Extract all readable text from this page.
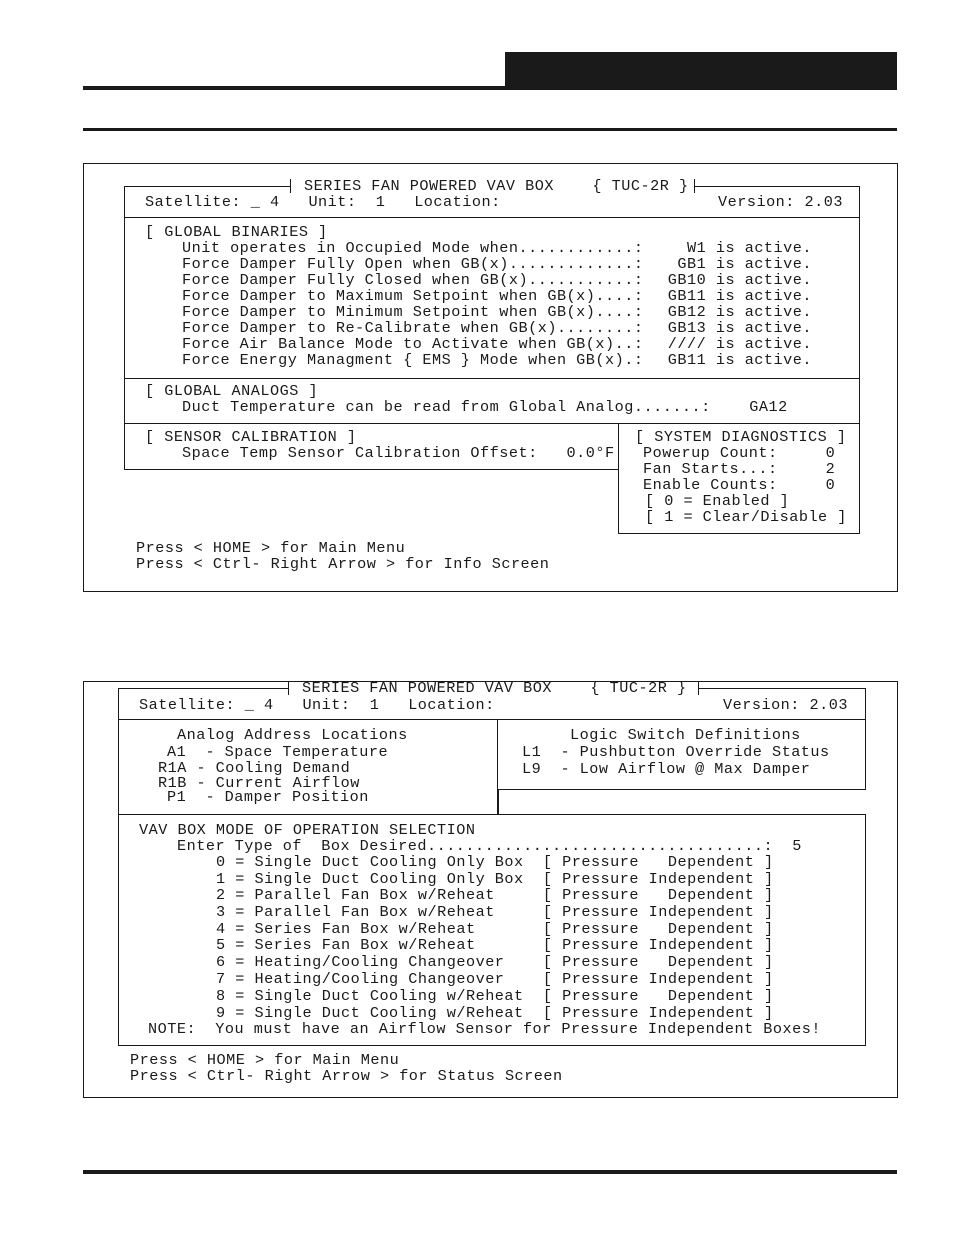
SERIES FAN POWERED VAV BOX    { TUC-2R }
Satellite: _ 4   Unit:  1   Location:	Version: 2.03
[ GLOBAL BINARIES ]
Unit operates in Occupied Mode when............:	W1 is active.
Force Damper Fully Open when GB(x).............: GB1 is active.
Force Damper Fully Closed when GB(x)...........: GB10 is active.
Force Damper to Maximum Setpoint when GB(x)....: GB11 is active.
Force Damper to Minimum Setpoint when GB(x)....: GB12 is active.
Force Damper to Re-Calibrate when GB(x)........: GB13 is active.
Force Air Balance Mode to Activate when GB(x)..: //// is active.
Force Energy Managment { EMS } Mode when GB(x).: GB11 is active.
[ GLOBAL ANALOGS ]
Duct Temperature can be read from Global Analog.......:    GA12
[ SENSOR CALIBRATION ]
Space Temp Sensor Calibration Offset:   0.0°F
[ SYSTEM DIAGNOSTICS ]
Powerup Count:     0
Fan Starts...:     2
Enable Counts:     0
[ 0 = Enabled ]
[ 1 = Clear/Disable ]
Press < HOME > for Main Menu
Press < Ctrl- Right Arrow > for Info Screen
SERIES FAN POWERED VAV BOX    { TUC-2R }
Satellite: _ 4   Unit:  1   Location:	Version: 2.03
Analog Address Locations
A1  - Space Temperature
R1A - Cooling Demand
R1B - Current Airflow
P1  - Damper Position
Logic Switch Definitions
L1  - Pushbutton Override Status
L9  - Low Airflow @ Max Damper
VAV BOX MODE OF OPERATION SELECTION
Enter Type of  Box Desired...................................:  5
0 = Single Duct Cooling Only Box  [ Pressure   Dependent ]
1 = Single Duct Cooling Only Box  [ Pressure Independent ]
2 = Parallel Fan Box w/Reheat     [ Pressure   Dependent ]
3 = Parallel Fan Box w/Reheat     [ Pressure Independent ]
4 = Series Fan Box w/Reheat       [ Pressure   Dependent ]
5 = Series Fan Box w/Reheat       [ Pressure Independent ]
6 = Heating/Cooling Changeover    [ Pressure   Dependent ]
7 = Heating/Cooling Changeover    [ Pressure Independent ]
8 = Single Duct Cooling w/Reheat  [ Pressure   Dependent ]
9 = Single Duct Cooling w/Reheat  [ Pressure Independent ]
NOTE:  You must have an Airflow Sensor for Pressure Independent Boxes!
Press < HOME > for Main Menu
Press < Ctrl- Right Arrow > for Status Screen
